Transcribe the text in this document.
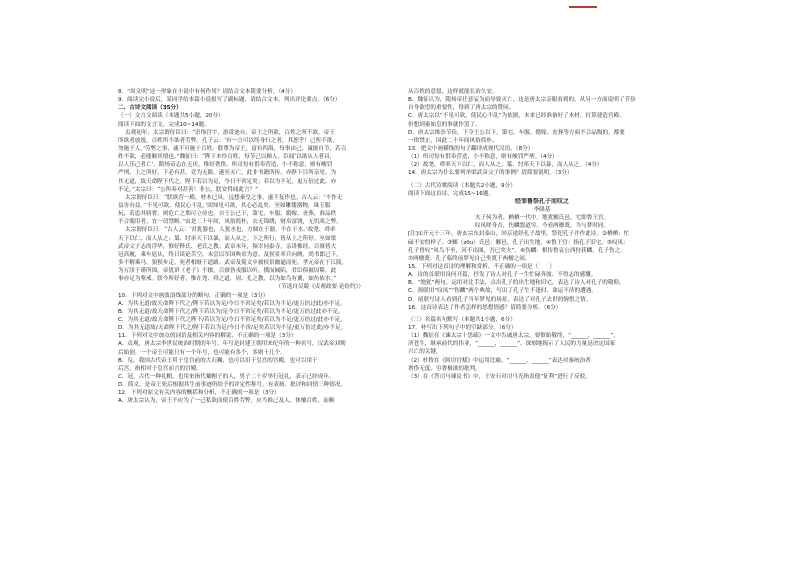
8．“周文明”这一形象在小说中有何作用？请结合文本简要分析。（4分）
9．阅读完小说后，某同学给本篇小说拟写了副标题，请结合文本，列出评论要点。（6分）
二、古诗文阅读（35分）
（一）文言文阅读（本题共5小题，20分）
阅读下面的文言文，完成10~14题。
贞观初年，太宗谓侍臣曰：“崇饰宫宇，游赏池台，帝王之所欲，百姓之所不欲。帝王
所欲者放逸，百姓所不欲者劳弊。孔子云：‘有一言可以终身行之者，其恕乎！己所不欲，
勿施于人。’劳弊之事，诚不可施于百姓。朕尊为帝王，富有四海，每事由己，诚能自节，若百
姓不欲，必能顺其情也。”魏征曰：“陛下本怜百姓，每节己以顺人。臣闻‘以欲从人者昌，
以人乐己者亡’。隋炀帝志在无厌，惟好奢侈，所司每有供奉营造，小不称意，则有峻罚
严刑。上之所好，下必有甚，竞为无限，遂至灭亡，此非书籍所传，亦陛下目所亲见。为
其无道，故天命陛下代之。陛下若以为足，今日不啻足矣；若以为不足，更万倍过此，亦
不足。”太宗曰：“公所奏对甚善！非公，朕安得闻此言？”
太宗谓侍臣曰：“朕欲营一殿，材木已具，远想秦皇之事，遂不复作也。古人云：‘不作无
益害有益。’‘不见可欲，使民心不乱。’固知见可欲，其心必乱矣。至如雕镂器物，珠玉服
玩，若恣其骄奢，则危亡之期可立待也。自王公已下，第宅、车服、婚嫁、丧葬，准品秩
不合服用者，宜一切禁断。”由是二十年间，风俗简朴，衣无锦绣，财帛富饶，无饥寒之弊。
太宗谓侍臣曰：“古人云：‘君犹器也，人犹水也，方圆在于器，不在于水。’故尧、舜率
天下以仁，而人从之；桀、纣率天下以暴，而人从之。下之所行，皆从上之所好。至如梁
武帝父子志尚浮华，惟好释氏、老氏之教；武帝末年，频幸同泰寺，亲讲佛经，百寮皆大
冠高履，乘车扈从，终日谈论苦空，未尝以军国典章为意。及侯景率兵向阙，尚书郎已下，
多不解乘马，狼狈步走，死者相继于道路。武帝及简文卒被侯景幽逼而死。孝元帝在于江陵，
为万纽于谨所围，帝犹讲《老子》不辍，百寮皆戎服以听。俄而城陷，君臣俱被囚絷。此
事亦足为鉴戒。朕今所好者，惟在尧、舜之道，周、孔之教，以为如鸟有翼，如鱼依水。”
（节选自吴兢《贞观政要·论俭约》）
10．下列对文中画波浪线部分的断句，正确的一项是（3分）
A．为其无道/故天命陛下代之/陛下若以为足/今日不啻足矣/若以为不足/更万倍过此/亦不足。
B．为其无道/故天命陛下代之/陛下若以为/足今日不啻足矣/若以为不足/更万倍过此亦不足。
C．为其无道/故天命陛下代之陛下/若以为足/今日不啻足矣/若以为不足/更万倍过/此亦不足。
D．为其无道故/天命陛下代之/陛下若以为足/今日不啻/足矣若以为不足/更万倍过此/亦不足。
11．下列对文中加点的词语及相关内容的解说，不正确的一项是（3分）
A．贞观，唐太宗李世民统治时期的年号。年号是封建王朝用来纪年的一种名号，汉武帝刘彻
后始创。一个帝王可能只有一个年号，也可能有多个，多则十几个。
B．凫，我国古代帝王用于皇宫前的大石狮，也可以用于皇宫的宫殿，也可以用于
后宫，指相对于皇宫而言的宫殿。
C．冠，古代一种礼帽，也用来指代戴帽子的人，男子二十岁举行冠礼，表示已经成年。
D．简文，是帝王死后根据其生前事迹所给予的评定性称号，有表扬、批评和同情三种情况。
12．下列对原文有关内容的概括和分析，不正确的一项是（3分）
A．唐太宗认为，帝王不应为了一己私欲而使百姓劳弊，应当推己及人、体恤百姓，而顺
从百姓的意愿，这样就能长治久安。
B．魏征认为，隋炀帝任意妄为而导致灭亡，这是唐太宗亲眼看到的，从另一方面说明了节俭
自身欲望的重要性，得到了唐太宗的赞同。
C．唐太宗以“不见可欲，使民心不乱”为依据，本来已经准备好了木材，打算建造宫殿，
但想到秦始皇的事就作罢了。
D．唐太宗推崇节俭，下令王公以下，第宅、车服、婚嫁、丧葬等方面不合品级的，都要
一律禁止，因此二十年间风俗简朴。
13．把文中画横线的句子翻译成现代汉语。（8分）
（1）所司每有供奉营造，小不称意，则有峻罚严刑。（4分）
（2）故尧、舜率天下以仁，而人从之；桀、纣率天下以暴，而人从之。（4分）
14．唐太宗为什么要列举梁武帝父子的事例？请简要说明。（3分）
（二）古代诗歌阅读（本题共2小题，9分）
阅读下面这首诗，完成15~16题。
经邹鲁祭孔子而叹之
李隆基
夫子何为者，栖栖一代中。地犹鄹氏邑，宅即鲁王宫。
叹凤嗟身否，伤麟怨道穷。今看两楹奠，当与梦时同。
[注]①开元十三年，唐玄宗东封泰山，回京途经孔子故里，祭祀孔子并作此诗。②栖栖：忙
碌不安的样子。③鄹（zōu）氏邑：鄹邑，孔子出生地。④鲁王宫：指孔子旧宅。⑤叹凤：
孔子曾叹“凤鸟不至，河不出图，吾已矣夫”。⑥伤麟：相传鲁哀公西狩获麟，孔子伤之。
⑦两楹奠：孔子临终前梦见自己坐奠于两楹之间。
15．下列对这首诗的理解和赏析，不正确的一项是（　　）
A．诗的首联用设问开篇，抒发了诗人对孔子一生忙碌奔波、不得志的感慨。
B．“地犹”两句，运用对比手法，点出孔子的出生地和旧宅，表达了诗人对孔子的敬仰。
C．颈联用“叹凤”“伤麟”两个典故，写出了孔子生不逢时、命运不济的遭遇。
D．尾联写诗人看到孔子当年梦见的场景，表达了对孔子去世的惋惜之情。
16．这首诗表达了作者怎样的思想情感？请简要分析。（6分）
（三）名篇名句默写（本题共1小题，6分）
17．补写出下列句子中的空缺部分。（6分）
（1）魏征在《谏太宗十思疏》一文中告诫唐太宗，要慎始敬终，“______，______”，
济苍生，继承前代的伟业，“______，______”，深刻地揭示了人民的力量是决定国家
兴亡的关键。
（2）杜牧在《阿房宫赋》中运用比喻，“______，______”表达对秦统治者
奢侈无度、穷奢极欲的批判。
（3）在《答司马谏议书》中，王安石对司马光指责他“征利”进行了反驳。
